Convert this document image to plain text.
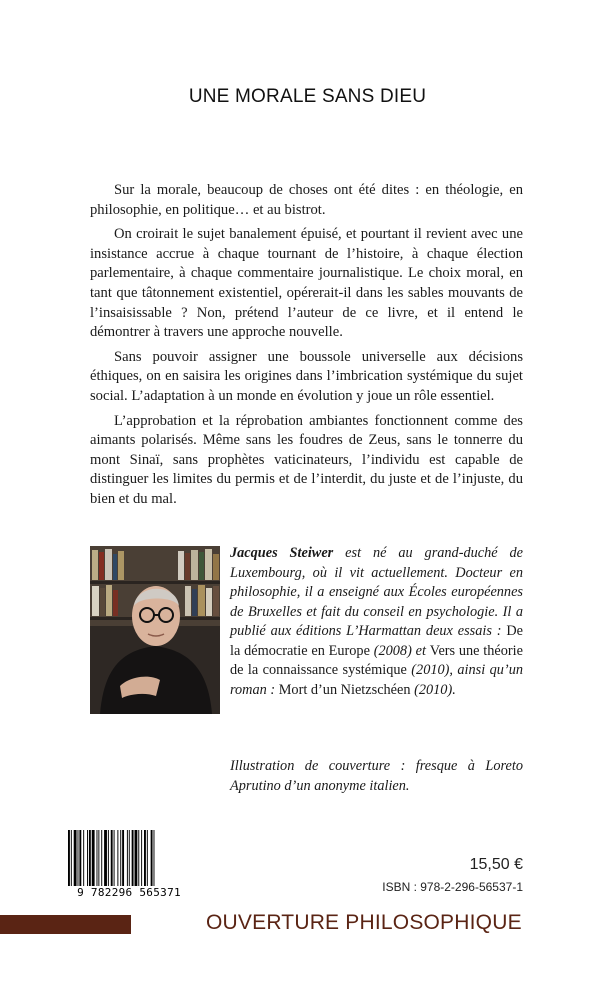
UNE MORALE SANS DIEU

Sur la morale, beaucoup de choses ont été dites : en théologie, en philosophie, en politique… et au bistrot.

On croirait le sujet banalement épuisé, et pourtant il revient avec une insistance accrue à chaque tournant de l’histoire, à chaque élection parlementaire, à chaque commentaire journalistique. Le choix moral, en tant que tâtonnement existentiel, opérerait-il dans les sables mouvants de l’insaisissable ? Non, prétend l’auteur de ce livre, et il entend le démontrer à travers une approche nouvelle.

Sans pouvoir assigner une boussole universelle aux décisions éthiques, on en saisira les origines dans l’imbrication systémique du sujet social. L’adaptation à un monde en évolution y joue un rôle essentiel.

L’approbation et la réprobation ambiantes fonctionnent comme des aimants polarisés. Même sans les foudres de Zeus, sans le tonnerre du mont Sinaï, sans prophètes vaticinateurs, l’individu est capable de distinguer les limites du permis et de l’interdit, du juste et de l’injuste, du bien et du mal.

Jacques Steiwer est né au grand-duché de Luxembourg, où il vit actuellement. Docteur en philosophie, il a enseigné aux Écoles européennes de Bruxelles et fait du conseil en psychologie. Il a publié aux éditions L’Harmattan deux essais : De la démocratie en Europe (2008) et Vers une théorie de la connaissance systémique (2010), ainsi qu’un roman : Mort d’un Nietzschéen (2010).
Illustration de couverture : fresque à Loreto Aprutino d’un anonyme italien.
9 782296 565371
15,50 €
ISBN : 978-2-296-56537-1
OUVERTURE PHILOSOPHIQUE
